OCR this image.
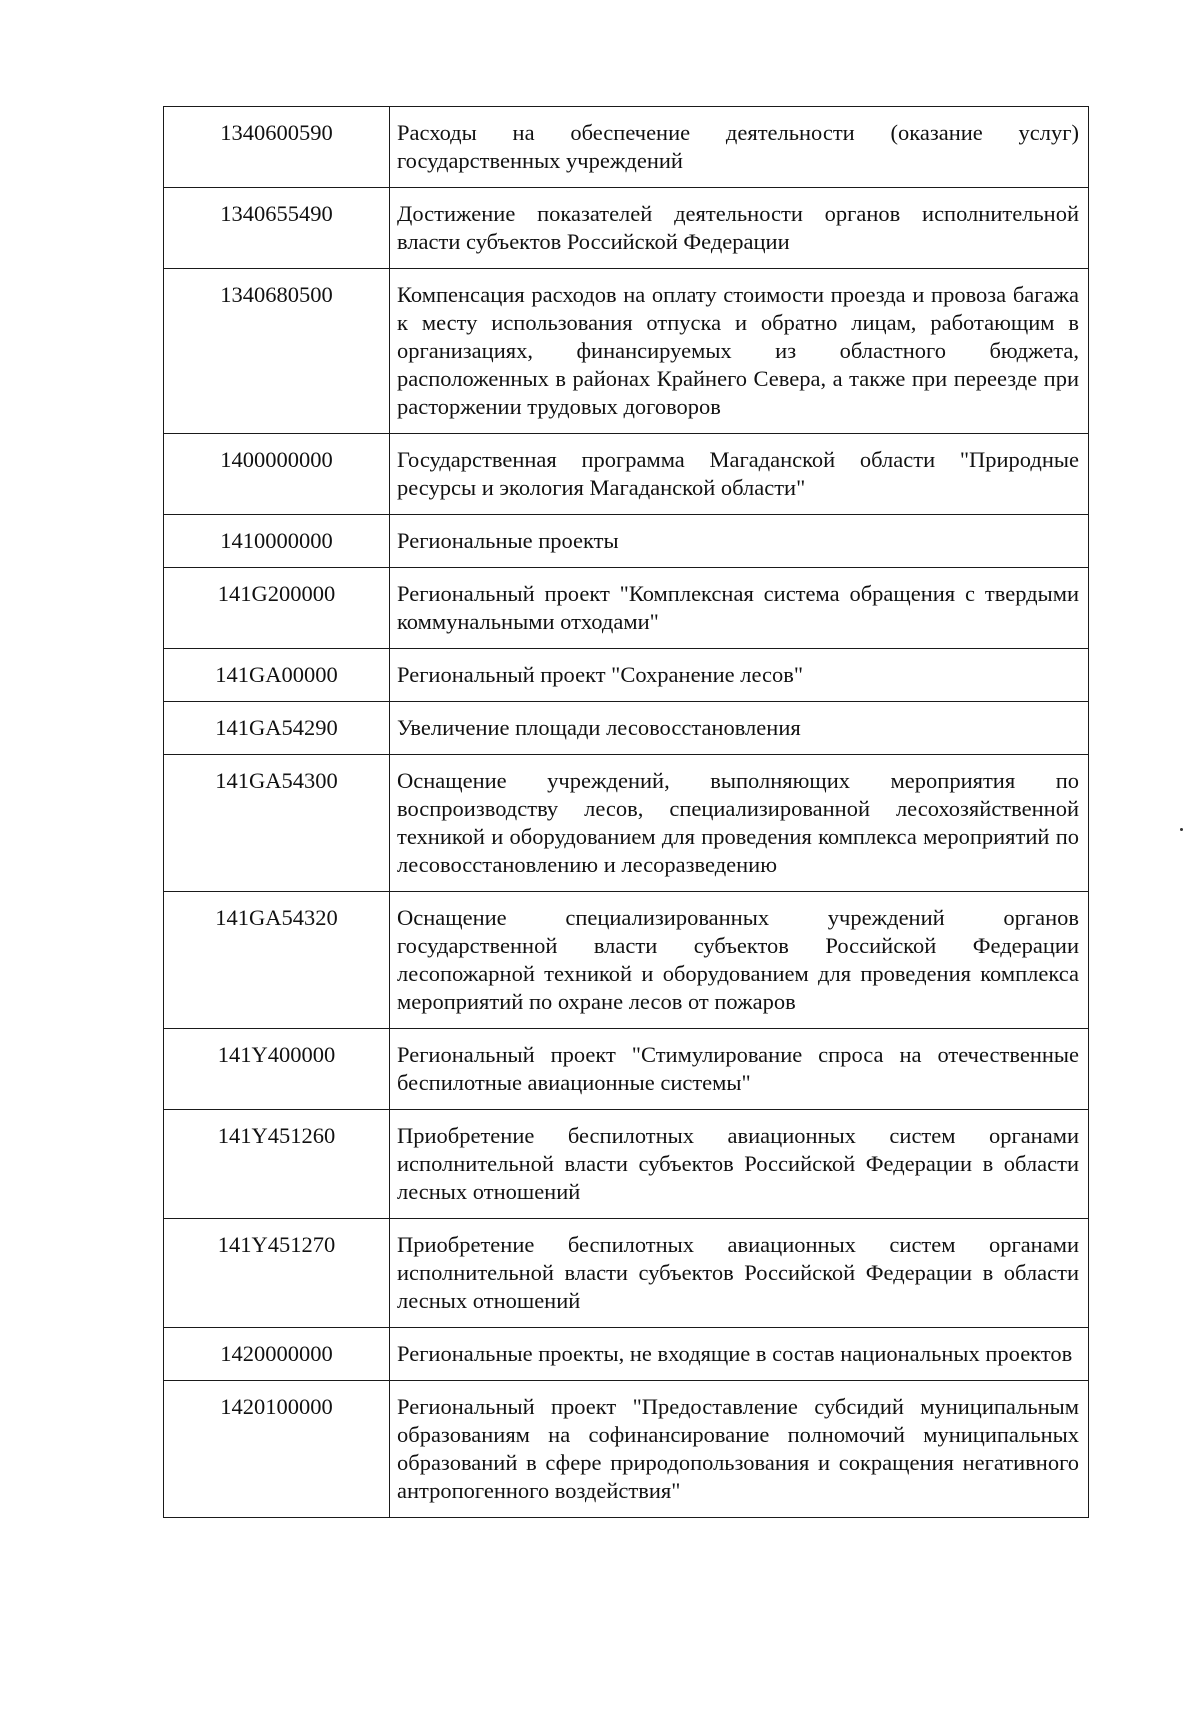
1340600590	Расходы на обеспечение деятельности (оказание услуг) государственных учреждений
1340655490	Достижение показателей деятельности органов исполнительной власти субъектов Российской Федерации
1340680500	Компенсация расходов на оплату стоимости проезда и провоза багажа к месту использования отпуска и обратно лицам, работающим в организациях, финансируемых из областного бюджета, расположенных в районах Крайнего Севера, а также при переезде при расторжении трудовых договоров
1400000000	Государственная программа Магаданской области "Природные ресурсы и экология Магаданской области"
1410000000	Региональные проекты
141G200000	Региональный проект "Комплексная система обращения с твердыми коммунальными отходами"
141GA00000	Региональный проект "Сохранение лесов"
141GA54290	Увеличение площади лесовосстановления
141GA54300	Оснащение учреждений, выполняющих мероприятия по воспроизводству лесов, специализированной лесохозяйственной техникой и оборудованием для проведения комплекса мероприятий по лесовосстановлению и лесоразведению
141GA54320	Оснащение специализированных учреждений органов государственной власти субъектов Российской Федерации лесопожарной техникой и оборудованием для проведения комплекса мероприятий по охране лесов от пожаров
141Y400000	Региональный проект "Стимулирование спроса на отечественные беспилотные авиационные системы"
141Y451260	Приобретение беспилотных авиационных систем органами исполнительной власти субъектов Российской Федерации в области лесных отношений
141Y451270	Приобретение беспилотных авиационных систем органами исполнительной власти субъектов Российской Федерации в области лесных отношений
1420000000	Региональные проекты, не входящие в состав национальных проектов
1420100000	Региональный проект "Предоставление субсидий муниципальным образованиям на софинансирование полномочий муниципальных образований в сфере природопользования и сокращения негативного антропогенного воздействия"
